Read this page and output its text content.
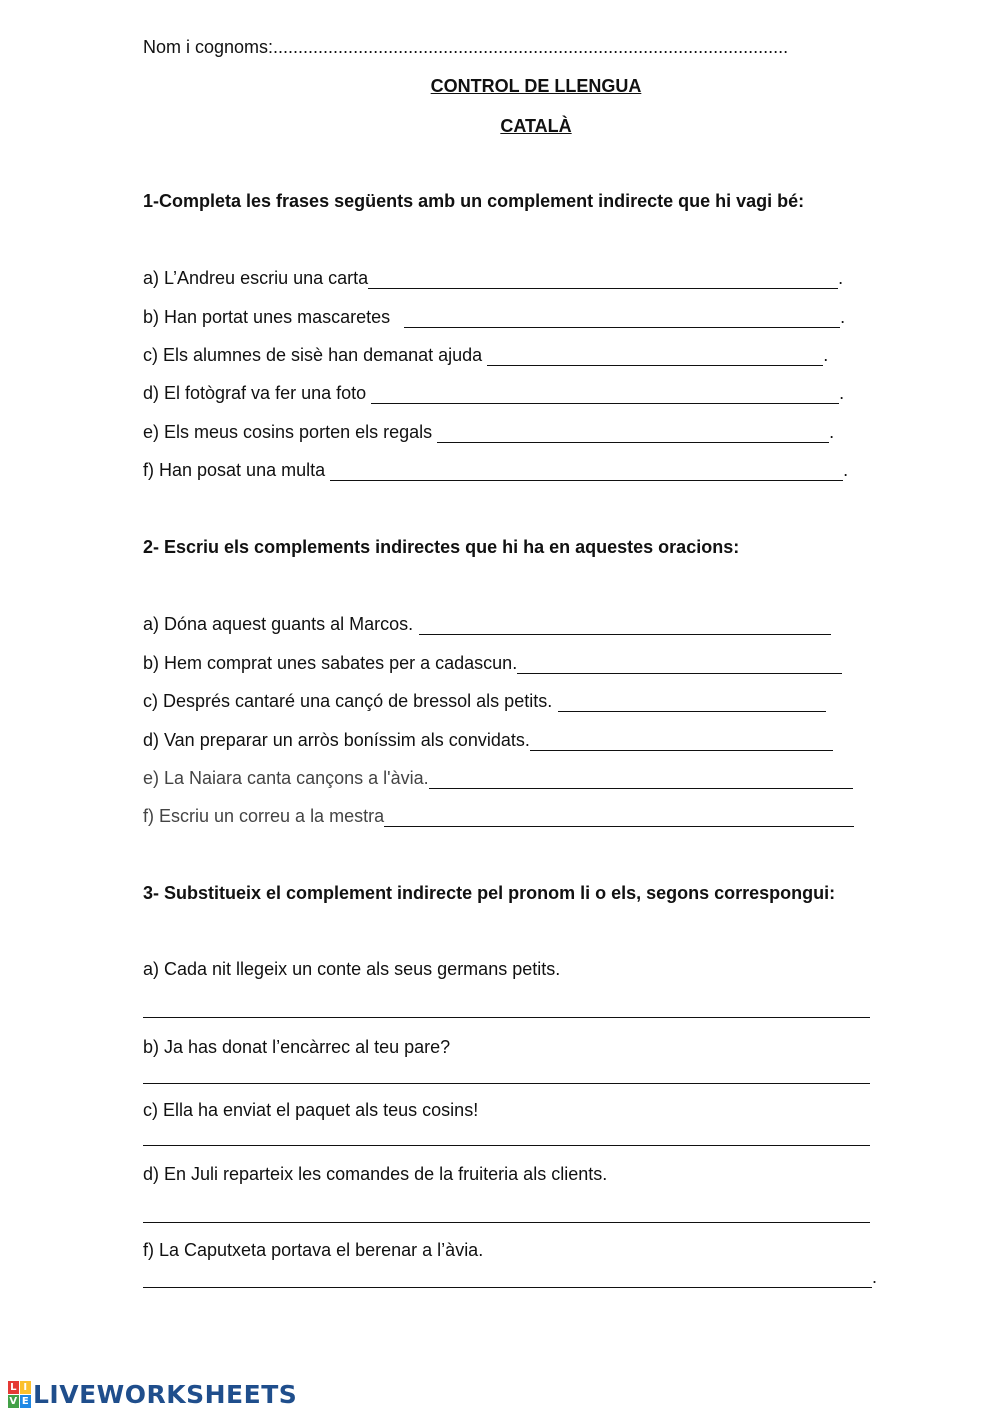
Nom i cognoms: .......................................................................................................
CONTROL DE LLENGUA
CATALÀ
1-Completa les frases següents amb un complement indirecte que hi vagi bé:
a) L’Andreu escriu una carta	.
b) Han portat unes mascaretes	.
c) Els alumnes de sisè han demanat ajuda	.
d) El fotògraf va fer una foto	.
e) Els meus cosins porten els regals	.
f) Han posat una multa	.
2- Escriu els complements indirectes que hi ha en aquestes oracions:
a) Dóna aquest guants al Marcos.
b) Hem comprat unes sabates per a cadascun.
c) Després cantaré una cançó de bressol als petits.
d) Van preparar un arròs boníssim als convidats.
e) La Naiara canta cançons a l'àvia.
f) Escriu un correu a la mestra
3- Substitueix el complement indirecte pel pronom li o els, segons correspongui:
a) Cada nit llegeix un conte als seus germans petits.
b) Ja has donat l’encàrrec al teu pare?
c) Ella ha enviat el paquet als teus cosins!
d) En Juli reparteix les comandes de la fruiteria als clients.
f) La Caputxeta portava el berenar a l’àvia.
.
L I
V E LIVEWORKSHEETS
